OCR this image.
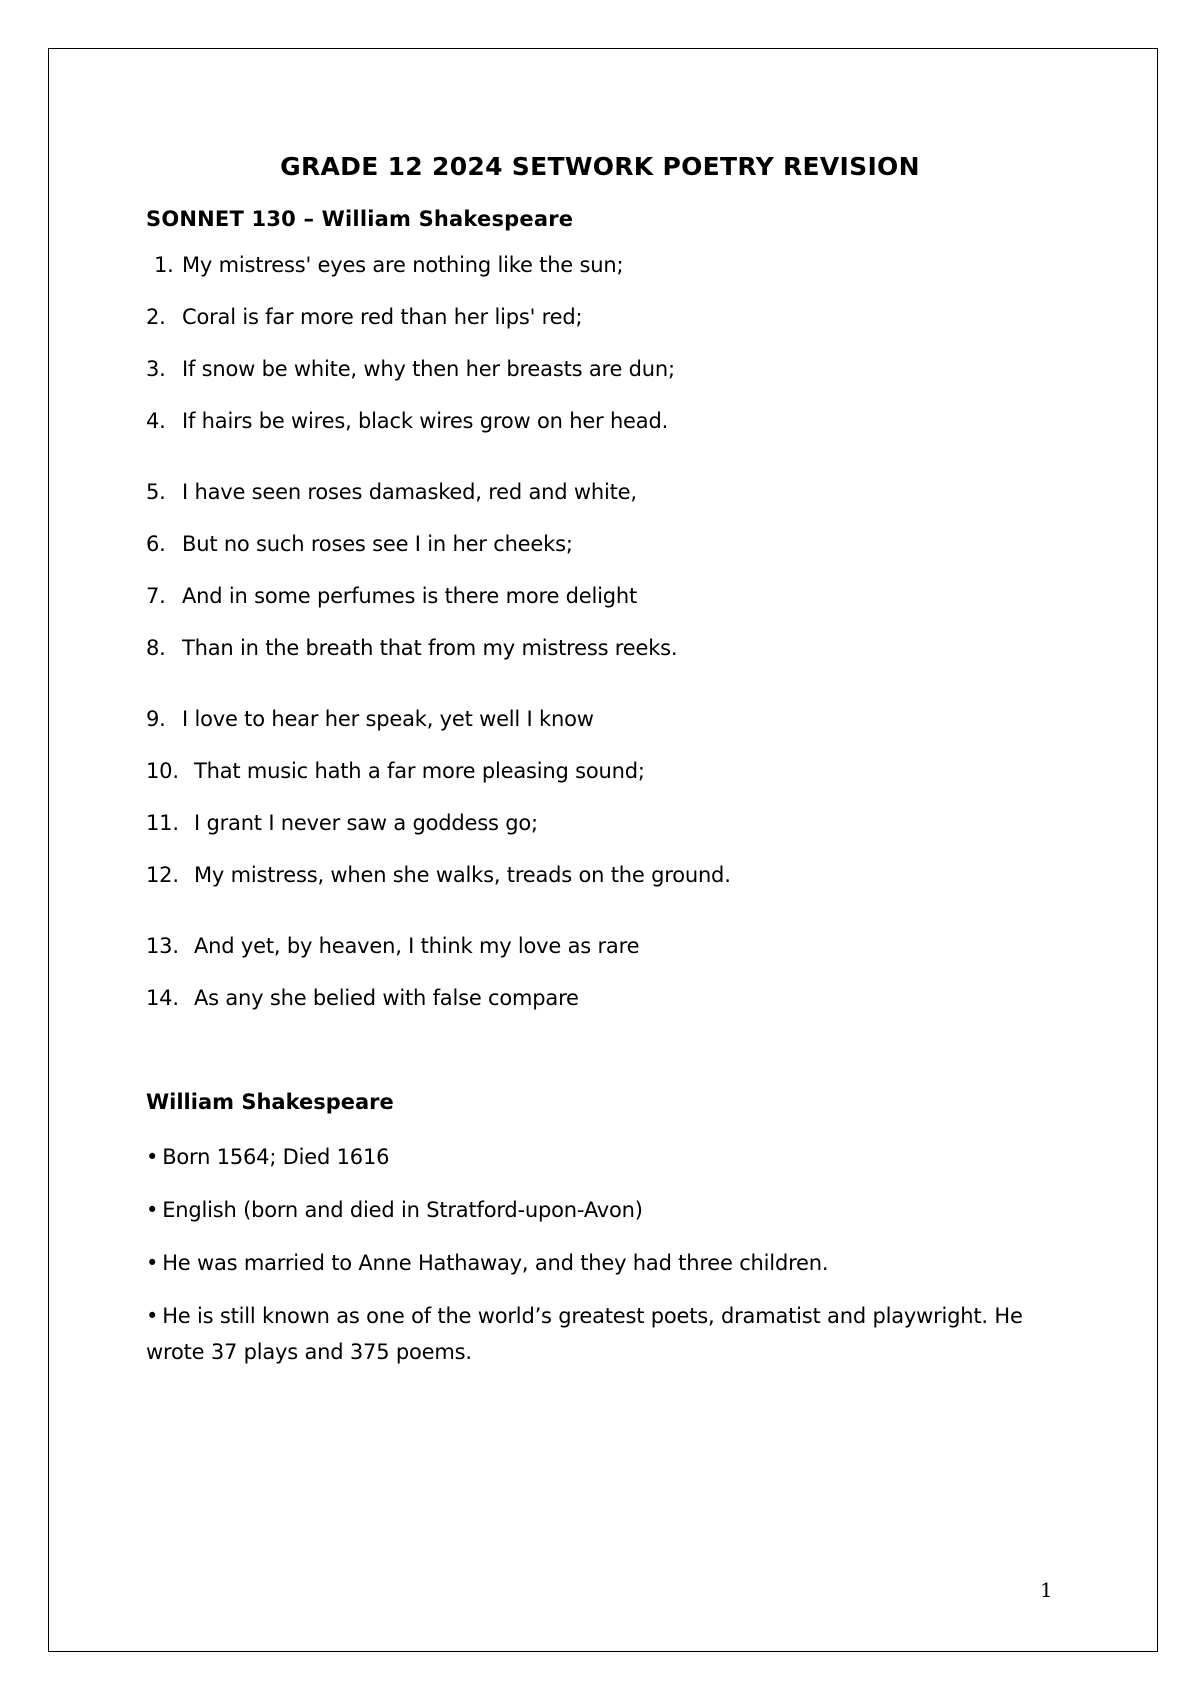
GRADE 12 2024 SETWORK POETRY REVISION
SONNET 130 – William Shakespeare
1. My mistress' eyes are nothing like the sun;
2. Coral is far more red than her lips' red;
3. If snow be white, why then her breasts are dun;
4. If hairs be wires, black wires grow on her head.
5. I have seen roses damasked, red and white,
6. But no such roses see I in her cheeks;
7. And in some perfumes is there more delight
8. Than in the breath that from my mistress reeks.
9. I love to hear her speak, yet well I know
10. That music hath a far more pleasing sound;
11. I grant I never saw a goddess go;
12. My mistress, when she walks, treads on the ground.
13. And yet, by heaven, I think my love as rare
14. As any she belied with false compare
William Shakespeare
• Born 1564; Died 1616
• English (born and died in Stratford-upon-Avon)
• He was married to Anne Hathaway, and they had three children.
• He is still known as one of the world’s greatest poets, dramatist and playwright. He wrote 37 plays and 375 poems.
1
